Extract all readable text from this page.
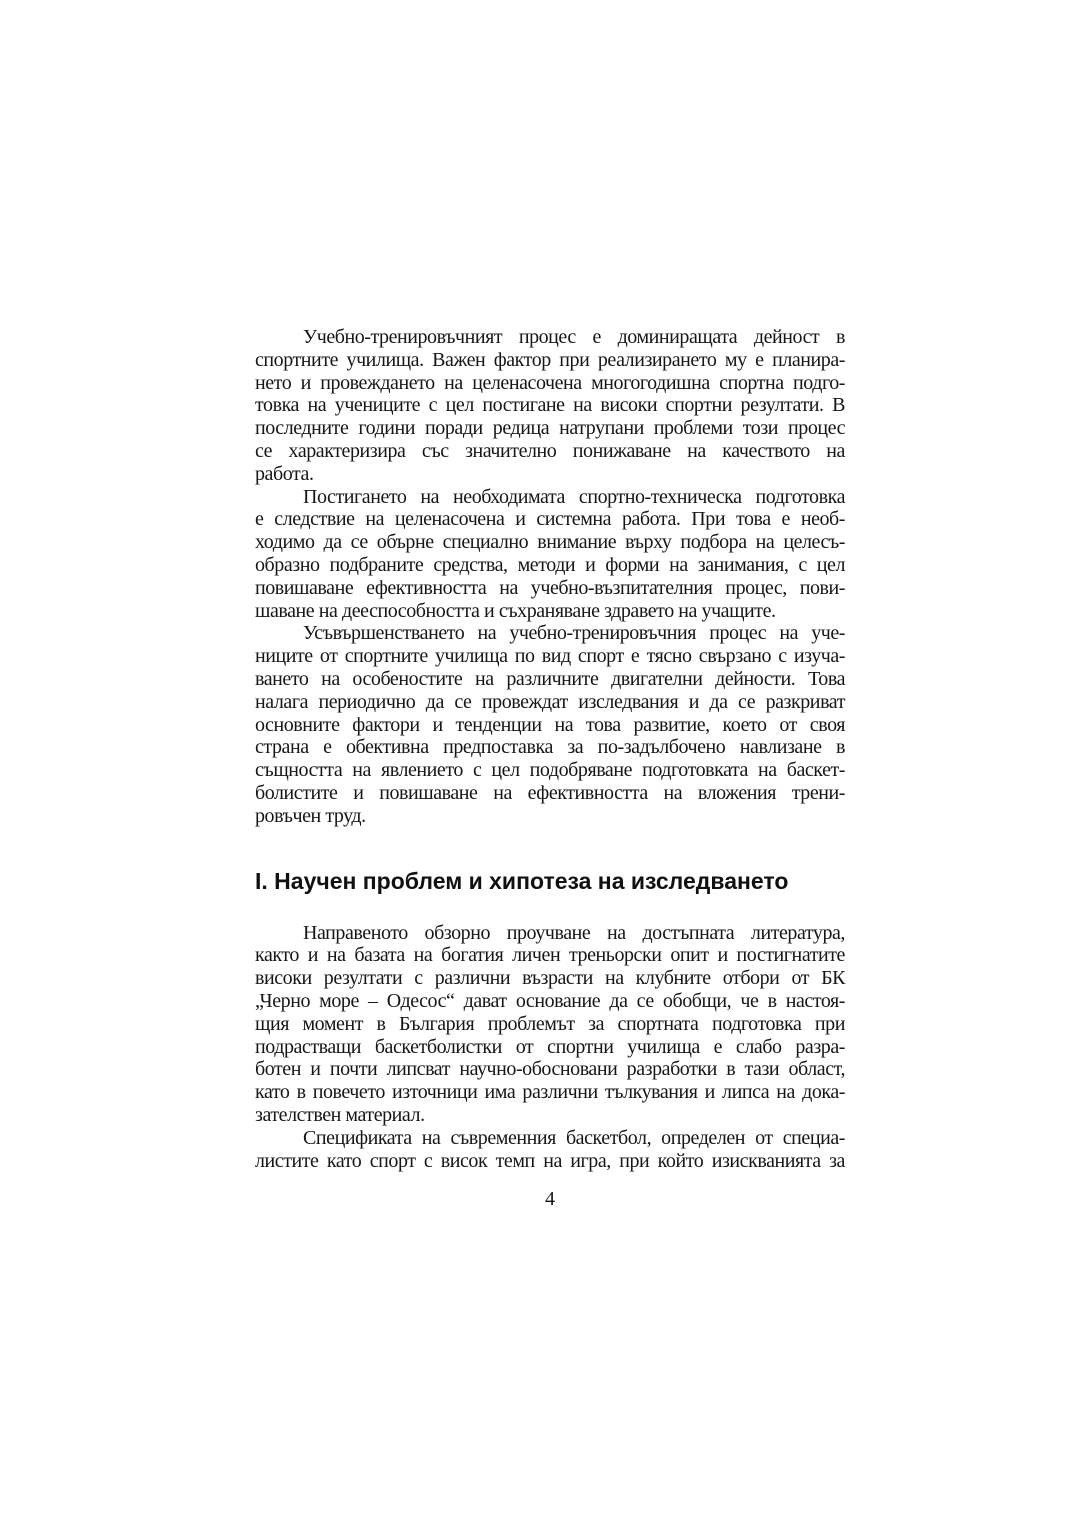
Учебно-тренировъчният процес е доминиращата дейност в
спортните училища. Важен фактор при реализирането му е планира-
нето и провеждането на целенасочена многогодишна спортна подго-
товка на учениците с цел постигане на високи спортни резултати. В
последните години поради редица натрупани проблеми този процес
се характеризира със значително понижаване на качеството на
работа.
Постигането на необходимата спортно-техническа подготовка
е следствие на целенасочена и системна работа. При това е необ-
ходимо да се обърне специално внимание върху подбора на целесъ-
образно подбраните средства, методи и форми на занимания, с цел
повишаване ефективността на учебно-възпитателния процес, пови-
шаване на дееспособността и съхраняване здравето на учащите.
Усъвършенстването на учебно-тренировъчния процес на уче-
ниците от спортните училища по вид спорт е тясно свързано с изуча-
ването на особеностите на различните двигателни дейности. Това
налага периодично да се провеждат изследвания и да се разкриват
основните фактори и тенденции на това развитие, което от своя
страна е обективна предпоставка за по-задълбочено навлизане в
същността на явлението с цел подобряване подготовката на баскет-
болистите и повишаване на ефективността на вложения трени-
ровъчен труд.
I. Научен проблем и хипотеза на изследването
Направеното обзорно проучване на достъпната литература,
както и на базата на богатия личен треньорски опит и постигнатите
високи резултати с различни възрасти на клубните отбори от БК
„Черно море – Одесос“ дават основание да се обобщи, че в настоя-
щия момент в България проблемът за спортната подготовка при
подрастващи баскетболистки от спортни училища е слабо разра-
ботен и почти липсват научно-обосновани разработки в тази област,
като в повечето източници има различни тълкувания и липса на дока-
зателствен материал.
Спецификата на съвременния баскетбол, определен от специа-
листите като спорт с висок темп на игра, при който изискванията за
4
